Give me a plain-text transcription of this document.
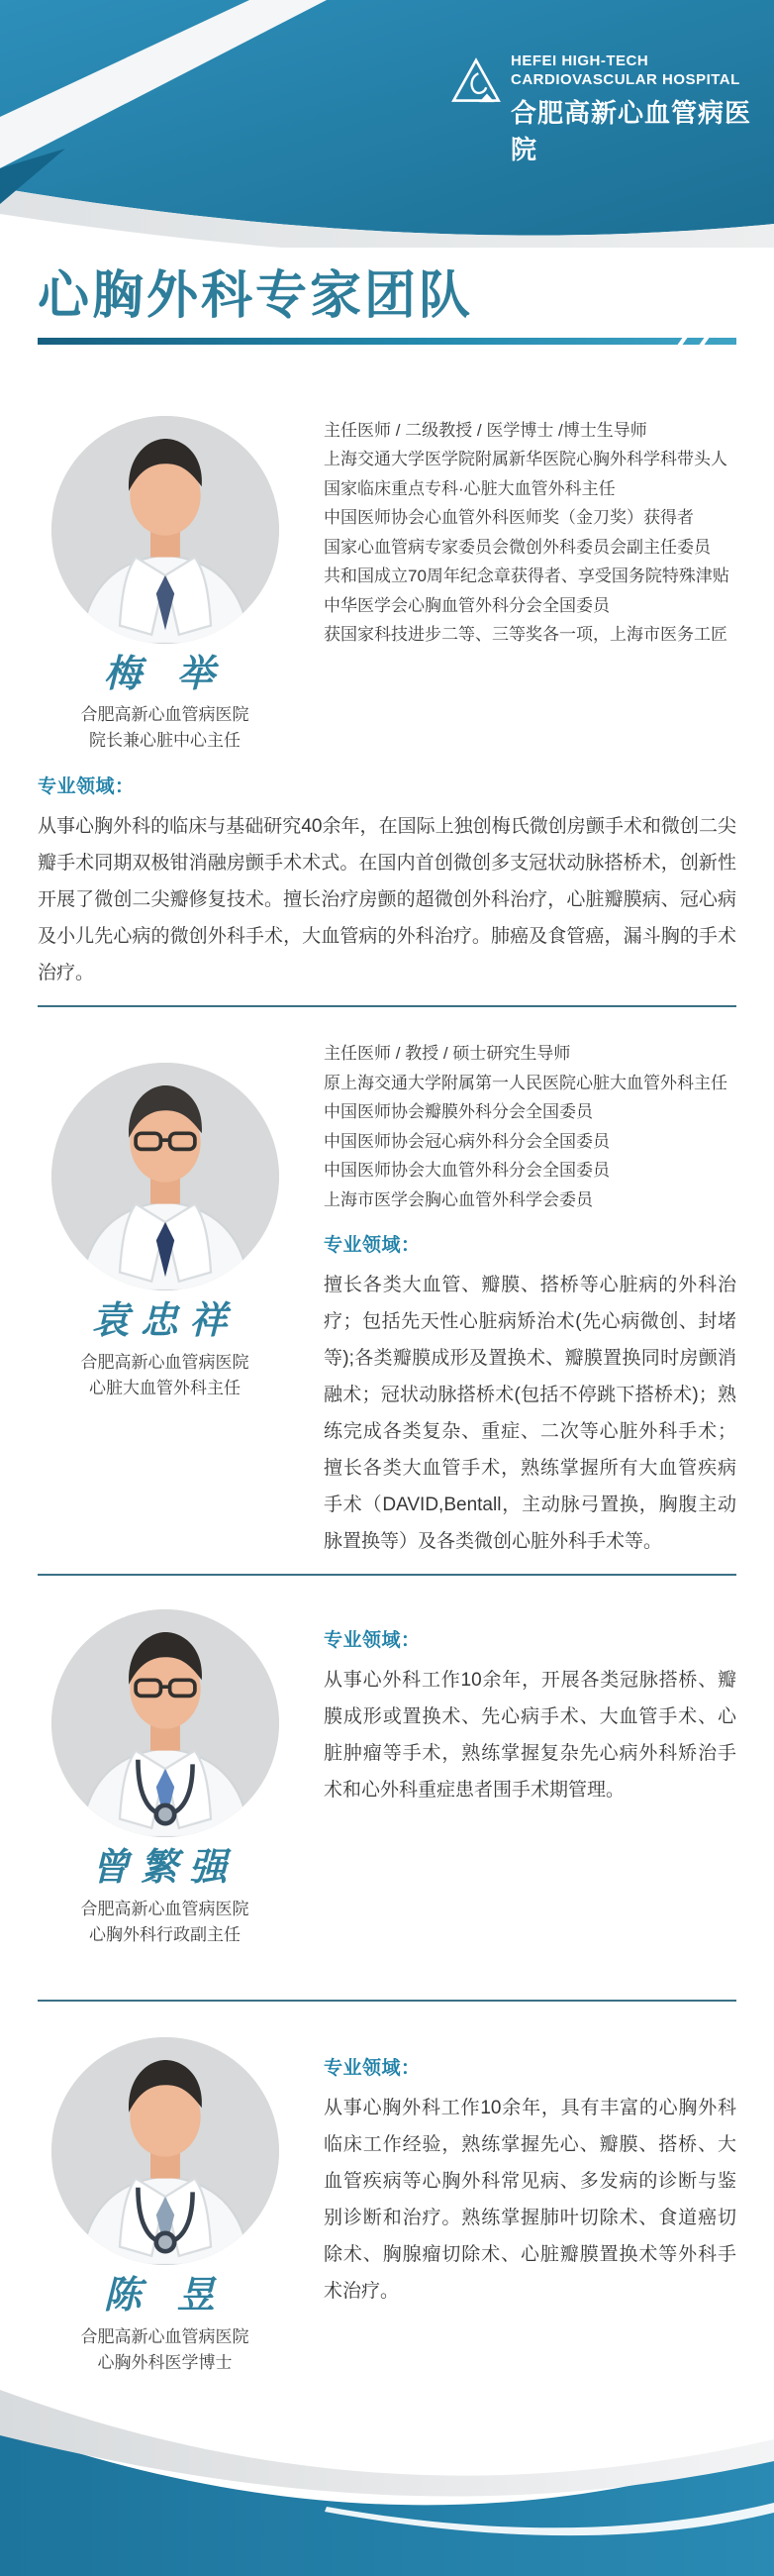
HEFEI HIGH-TECH
CARDIOVASCULAR HOSPITAL
合肥高新心血管病医院
心胸外科专家团队
梅 举
合肥高新心血管病医院
院长兼心脏中心主任
主任医师 / 二级教授 / 医学博士 /博士生导师
上海交通大学医学院附属新华医院心胸外科学科带头人
国家临床重点专科·心脏大血管外科主任
中国医师协会心血管外科医师奖（金刀奖）获得者
国家心血管病专家委员会微创外科委员会副主任委员
共和国成立70周年纪念章获得者、享受国务院特殊津贴
中华医学会心胸血管外科分会全国委员
获国家科技进步二等、三等奖各一项，上海市医务工匠
专业领域：
从事心胸外科的临床与基础研究40余年，在国际上独创梅氏微创房颤手术和微创二尖瓣手术同期双极钳消融房颤手术术式。在国内首创微创多支冠状动脉搭桥术，创新性开展了微创二尖瓣修复技术。擅长治疗房颤的超微创外科治疗，心脏瓣膜病、冠心病及小儿先心病的微创外科手术，大血管病的外科治疗。肺癌及食管癌，漏斗胸的手术治疗。
主任医师 / 教授 / 硕士研究生导师
原上海交通大学附属第一人民医院心脏大血管外科主任
中国医师协会瓣膜外科分会全国委员
中国医师协会冠心病外科分会全国委员
中国医师协会大血管外科分会全国委员
上海市医学会胸心血管外科学会委员
专业领域：
擅长各类大血管、瓣膜、搭桥等心脏病的外科治疗；包括先天性心脏病矫治术(先心病微创、封堵等);各类瓣膜成形及置换术、瓣膜置换同时房颤消融术；冠状动脉搭桥术(包括不停跳下搭桥术)；熟练完成各类复杂、重症、二次等心脏外科手术；擅长各类大血管手术，熟练掌握所有大血管疾病手术（DAVID,Bentall，主动脉弓置换，胸腹主动脉置换等）及各类微创心脏外科手术等。
袁忠祥
合肥高新心血管病医院
心脏大血管外科主任
曾繁强
合肥高新心血管病医院
心胸外科行政副主任
专业领域：
从事心外科工作10余年，开展各类冠脉搭桥、瓣膜成形或置换术、先心病手术、大血管手术、心脏肿瘤等手术，熟练掌握复杂先心病外科矫治手术和心外科重症患者围手术期管理。
陈 昱
合肥高新心血管病医院
心胸外科医学博士
专业领域：
从事心胸外科工作10余年，具有丰富的心胸外科临床工作经验，熟练掌握先心、瓣膜、搭桥、大血管疾病等心胸外科常见病、多发病的诊断与鉴别诊断和治疗。熟练掌握肺叶切除术、食道癌切除术、胸腺瘤切除术、心脏瓣膜置换术等外科手术治疗。
